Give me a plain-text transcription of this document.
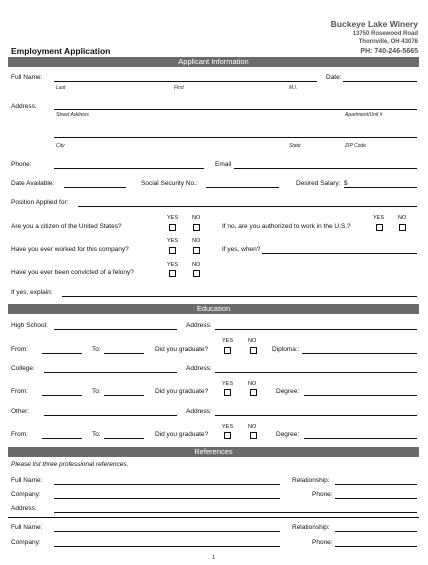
Buckeye Lake Winery
13750 Rosewood Road
Thornville, OH 43076
PH: 740-246-5665
Employment Application
Applicant Information
Full Name:	Date:
Last	First	M.I.
Address:
Street Address	Apartment/Unit #
City	State	ZIP Code
Phone:	Email
Date Available:	Social Security No.:	Desired Salary: $
Position Applied for:
YES	NO
Are you a citizen of the United States?
YES	NO
If no, are you authorized to work in the U.S.?
YES	NO
Have you ever worked for this company?	If yes, when?
YES	NO
Have you ever been convicted of a felony?
If yes, explain:
Education
High School:	Address:
YES	NO
From:	To:	Did you graduate?	Diploma::
College:	Address:
YES	NO
From:	To:	Did you graduate?	Degree:
Other:	Address:
YES	NO
From:	To:	Did you graduate?	Degree:
References
Please list three professional references.
Full Name:	Relationship:
Company:	Phone:
Address:
Full Name:	Relationship:
Company:	Phone:
1
